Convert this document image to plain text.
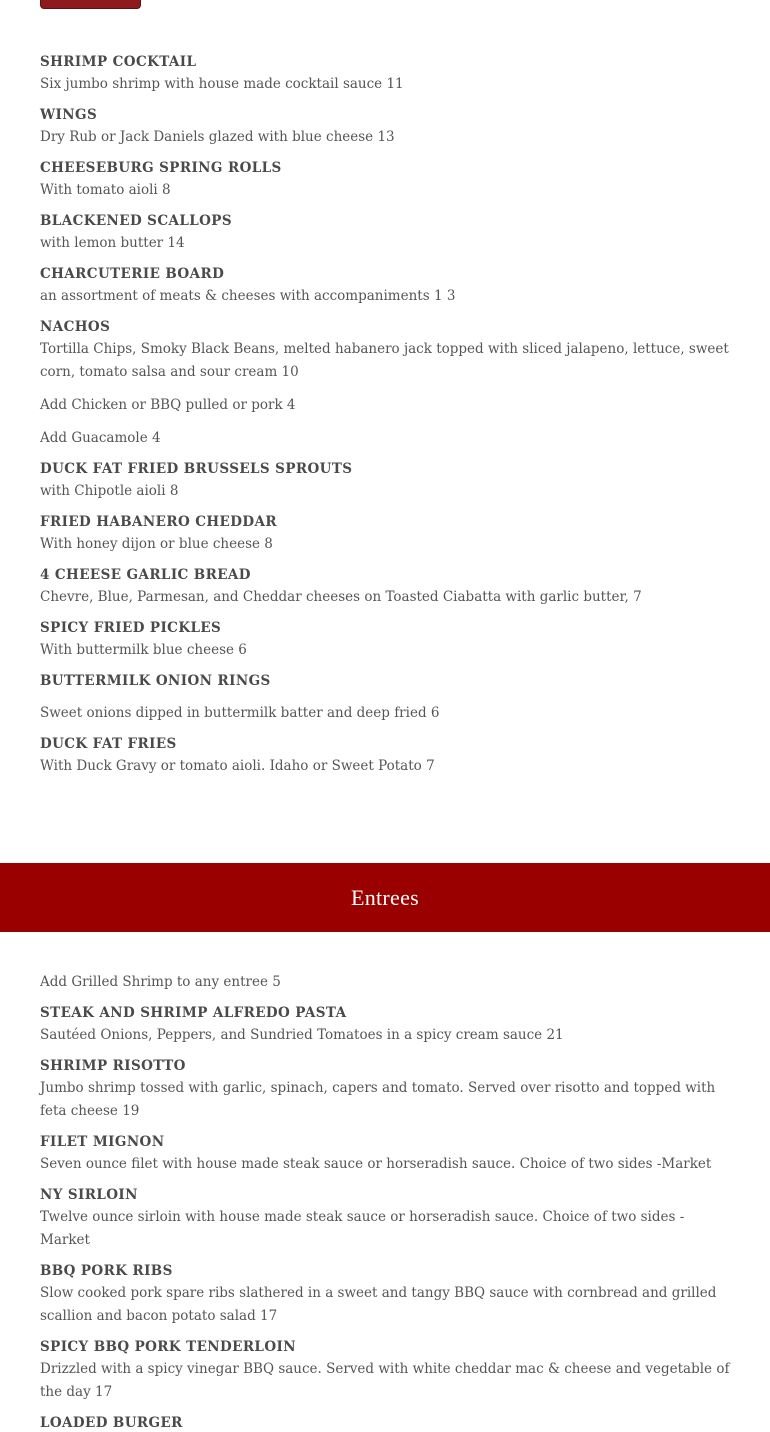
SHRIMP COCKTAIL

Six jumbo shrimp with house made cocktail sauce 11

WINGS

Dry Rub or Jack Daniels glazed with blue cheese 13

CHEESEBURG SPRING ROLLS

With tomato aioli 8

BLACKENED SCALLOPS

with lemon butter 14

CHARCUTERIE BOARD

an assortment of meats & cheeses with accompaniments 1 3

NACHOS

Tortilla Chips, Smoky Black Beans, melted habanero jack topped with sliced jalapeno, lettuce, sweet corn, tomato salsa and sour cream 10

Add Chicken or BBQ pulled or pork 4

Add Guacamole 4

DUCK FAT FRIED BRUSSELS SPROUTS

with Chipotle aioli 8

FRIED HABANERO CHEDDAR

With honey dijon or blue cheese 8

4 CHEESE GARLIC BREAD

Chevre, Blue, Parmesan, and Cheddar cheeses on Toasted Ciabatta with garlic butter, 7

SPICY FRIED PICKLES

With buttermilk blue cheese 6

BUTTERMILK ONION RINGS

Sweet onions dipped in buttermilk batter and deep fried 6

DUCK FAT FRIES

With Duck Gravy or tomato aioli. Idaho or Sweet Potato 7

Entrees

Add Grilled Shrimp to any entree 5

STEAK AND SHRIMP ALFREDO PASTA

Sautéed Onions, Peppers, and Sundried Tomatoes in a spicy cream sauce 21

SHRIMP RISOTTO

Jumbo shrimp tossed with garlic, spinach, capers and tomato. Served over risotto and topped with feta cheese 19

FILET MIGNON

Seven ounce filet with house made steak sauce or horseradish sauce. Choice of two sides -Market

NY SIRLOIN

Twelve ounce sirloin with house made steak sauce or horseradish sauce. Choice of two sides -Market

BBQ PORK RIBS

Slow cooked pork spare ribs slathered in a sweet and tangy BBQ sauce with cornbread and grilled scallion and bacon potato salad 17

SPICY BBQ PORK TENDERLOIN

Drizzled with a spicy vinegar BBQ sauce. Served with white cheddar mac & cheese and vegetable of the day 17

LOADED BURGER
